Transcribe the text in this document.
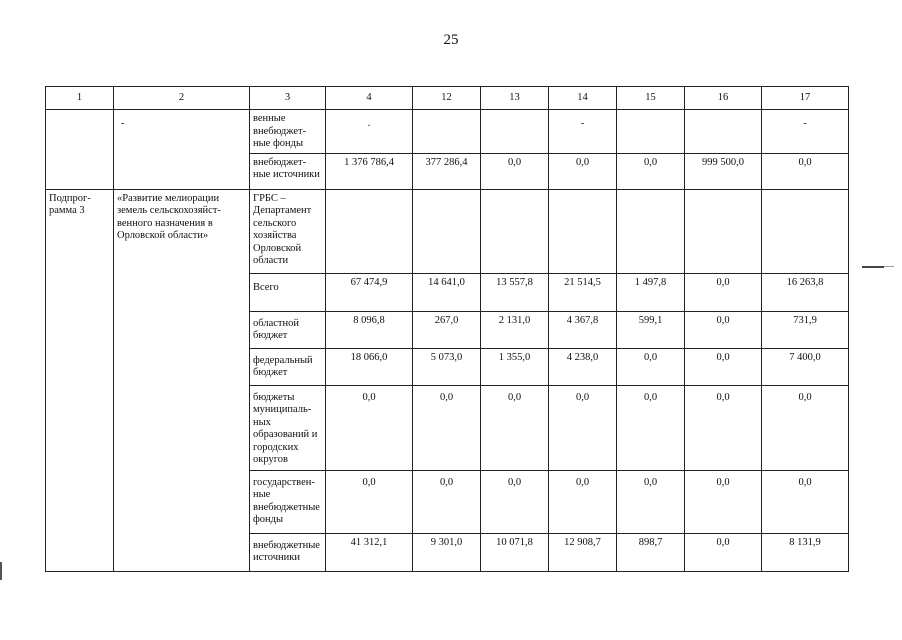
25
1	2	3	4	12	13	14	15	16	17

	-	венные внебюджет-ные фонды	.			-			-

		внебюджет-ные источники	1 376 786,4	377 286,4	0,0	0,0	0,0	999 500,0	0,0
Подпрог-рамма 3	«Развитие мелиорации земель сельскохозяйст-венного назначения в Орловской области»	ГРБС – Департамент сельского хозяйства Орловской области							
		Всего	67 474,9	14 641,0	13 557,8	21 514,5	1 497,8	0,0	16 263,8
		областной бюджет	8 096,8	267,0	2 131,0	4 367,8	599,1	0,0	731,9
		федеральный бюджет	18 066,0	5 073,0	1 355,0	4 238,0	0,0	0,0	7 400,0
		бюджеты муниципаль-ных образований и городских округов	0,0	0,0	0,0	0,0	0,0	0,0	0,0
		государствен-ные внебюджетные фонды	0,0	0,0	0,0	0,0	0,0	0,0	0,0
		внебюджетные источники	41 312,1	9 301,0	10 071,8	12 908,7	898,7	0,0	8 131,9
